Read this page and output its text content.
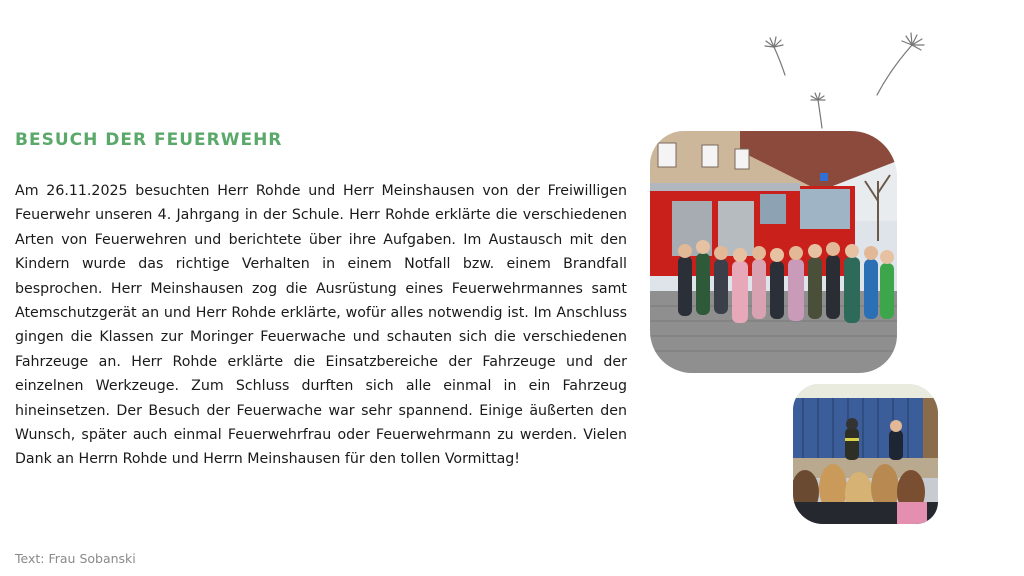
BESUCH DER FEUERWEHR

Am 26.11.2025 besuchten Herr Rohde und Herr Meinshausen von der Freiwilligen Feuerwehr unseren 4. Jahrgang in der Schule. Herr Rohde erklärte die verschiedenen Arten von Feuerwehren und berichtete über ihre Aufgaben. Im Austausch mit den Kindern wurde das richtige Verhalten in einem Notfall bzw. einem Brandfall besprochen. Herr Meinshausen zog die Ausrüstung eines Feuerwehrmannes samt Atemschutzgerät an und Herr Rohde erklärte, wofür alles notwendig ist. Im Anschluss gingen die Klassen zur Moringer Feuerwache und schauten sich die verschiedenen Fahrzeuge an. Herr Rohde erklärte die Einsatzbereiche der Fahrzeuge und der einzelnen Werkzeuge. Zum Schluss durften sich alle einmal in ein Fahrzeug hineinsetzen. Der Besuch der Feuerwache war sehr spannend. Einige äußerten den Wunsch, später auch einmal Feuerwehrfrau oder Feuerwehrmann zu werden. Vielen Dank an Herrn Rohde und Herrn Meinshausen für den tollen Vormittag!

Text: Frau Sobanski
